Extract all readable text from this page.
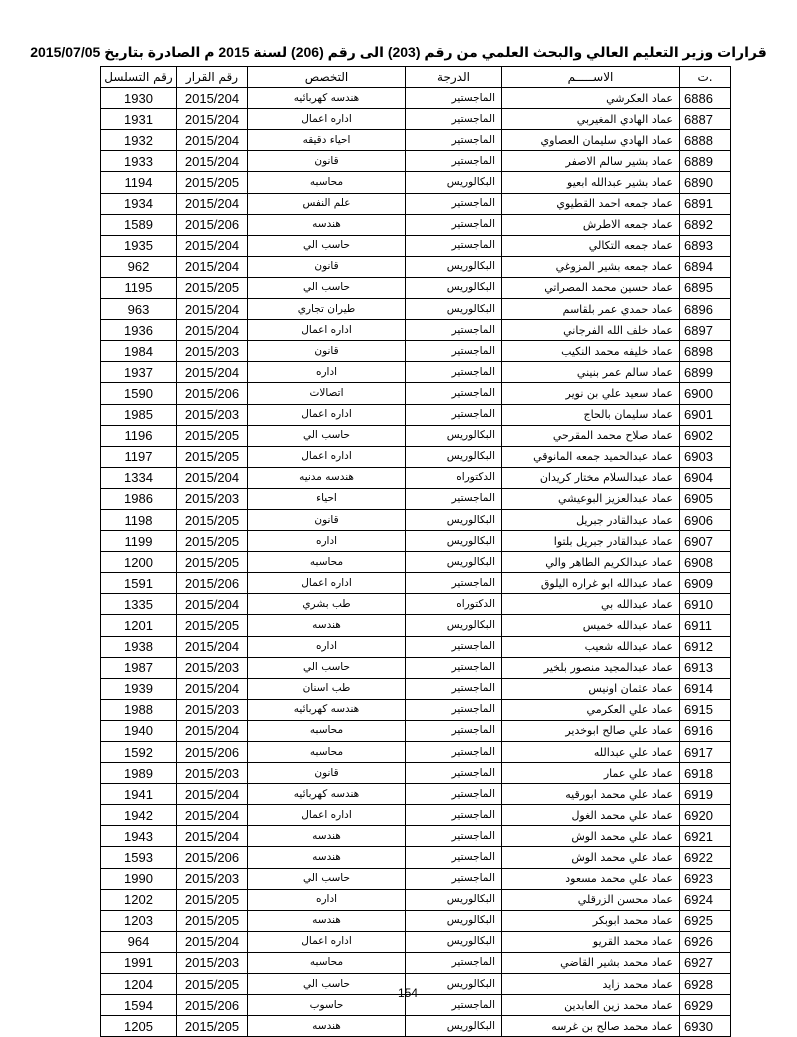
قرارات وزير التعليم العالي والبحث العلمي من رقم (203) الى رقم (206) لسنة 2015 م الصادرة بتاريخ 2015/07/05
رقم التسلسل	رقم القرار	التخصص	الدرجة	الاســـــم	ت.
1930	2015/204	هندسه كهربائيه	الماجستير	عماد العكرشي	6886
1931	2015/204	اداره اعمال	الماجستير	عماد الهادي المغيربي	6887
1932	2015/204	احياء دقيقه	الماجستير	عماد الهادي سليمان العصاوي	6888
1933	2015/204	قانون	الماجستير	عماد بشير سالم الاصفر	6889
1194	2015/205	محاسبه	البكالوريس	عماد بشير عبدالله ابعيو	6890
1934	2015/204	علم النفس	الماجستير	عماد جمعه احمد القطيوي	6891
1589	2015/206	هندسه	الماجستير	عماد جمعه الاطرش	6892
1935	2015/204	حاسب الي	الماجستير	عماد جمعه التكالي	6893
962	2015/204	قانون	البكالوريس	عماد جمعه بشير المزوغي	6894
1195	2015/205	حاسب الي	البكالوريس	عماد حسين محمد المصراتي	6895
963	2015/204	طيران تجاري	البكالوريس	عماد حمدي عمر بلقاسم	6896
1936	2015/204	اداره اعمال	الماجستير	عماد خلف الله الفرجاني	6897
1984	2015/203	قانون	الماجستير	عماد خليفه محمد النكيب	6898
1937	2015/204	اداره	الماجستير	عماد سالم عمر بنيني	6899
1590	2015/206	اتصالات	الماجستير	عماد سعيد علي بن نوير	6900
1985	2015/203	اداره اعمال	الماجستير	عماد سليمان بالحاج	6901
1196	2015/205	حاسب الي	البكالوريس	عماد صلاح محمد المقرحي	6902
1197	2015/205	اداره اعمال	البكالوريس	عماد عبدالحميد جمعه المانوقي	6903
1334	2015/204	هندسه مدنيه	الدكتوراه	عماد عبدالسلام مختار كريدان	6904
1986	2015/203	احياء	الماجستير	عماد عبدالعزيز البوعيشي	6905
1198	2015/205	قانون	البكالوريس	عماد عبدالقادر جبريل	6906
1199	2015/205	اداره	البكالوريس	عماد عبدالقادر جبريل بلتوا	6907
1200	2015/205	محاسبه	البكالوريس	عماد عبدالكريم الطاهر والي	6908
1591	2015/206	اداره اعمال	الماجستير	عماد عبدالله ابو غراره اليلوق	6909
1335	2015/204	طب بشري	الدكتوراه	عماد عبدالله بي	6910
1201	2015/205	هندسه	البكالوريس	عماد عبدالله خميس	6911
1938	2015/204	اداره	الماجستير	عماد عبدالله شعيب	6912
1987	2015/203	حاسب الي	الماجستير	عماد عبدالمجيد منصور بلخير	6913
1939	2015/204	طب اسنان	الماجستير	عماد عثمان اونيس	6914
1988	2015/203	هندسه كهربائيه	الماجستير	عماد علي العكرمي	6915
1940	2015/204	محاسبه	الماجستير	عماد علي صالح ابوخدير	6916
1592	2015/206	محاسبه	الماجستير	عماد علي عبدالله	6917
1989	2015/203	قانون	الماجستير	عماد علي عمار	6918
1941	2015/204	هندسه كهربائيه	الماجستير	عماد علي محمد ابورقيه	6919
1942	2015/204	اداره اعمال	الماجستير	عماد علي محمد الغول	6920
1943	2015/204	هندسه	الماجستير	عماد علي محمد الوش	6921
1593	2015/206	هندسه	الماجستير	عماد علي محمد الوش	6922
1990	2015/203	حاسب الي	الماجستير	عماد علي محمد مسعود	6923
1202	2015/205	اداره	البكالوريس	عماد محسن الزرقلي	6924
1203	2015/205	هندسه	البكالوريس	عماد محمد ابوبكر	6925
964	2015/204	اداره اعمال	البكالوريس	عماد محمد القريو	6926
1991	2015/203	محاسبه	الماجستير	عماد محمد بشير القاضي	6927
1204	2015/205	حاسب الي	البكالوريس	عماد محمد زايد	6928
1594	2015/206	حاسوب	الماجستير	عماد محمد زين العابدين	6929
1205	2015/205	هندسه	البكالوريس	عماد محمد صالح بن غرسه	6930
154
